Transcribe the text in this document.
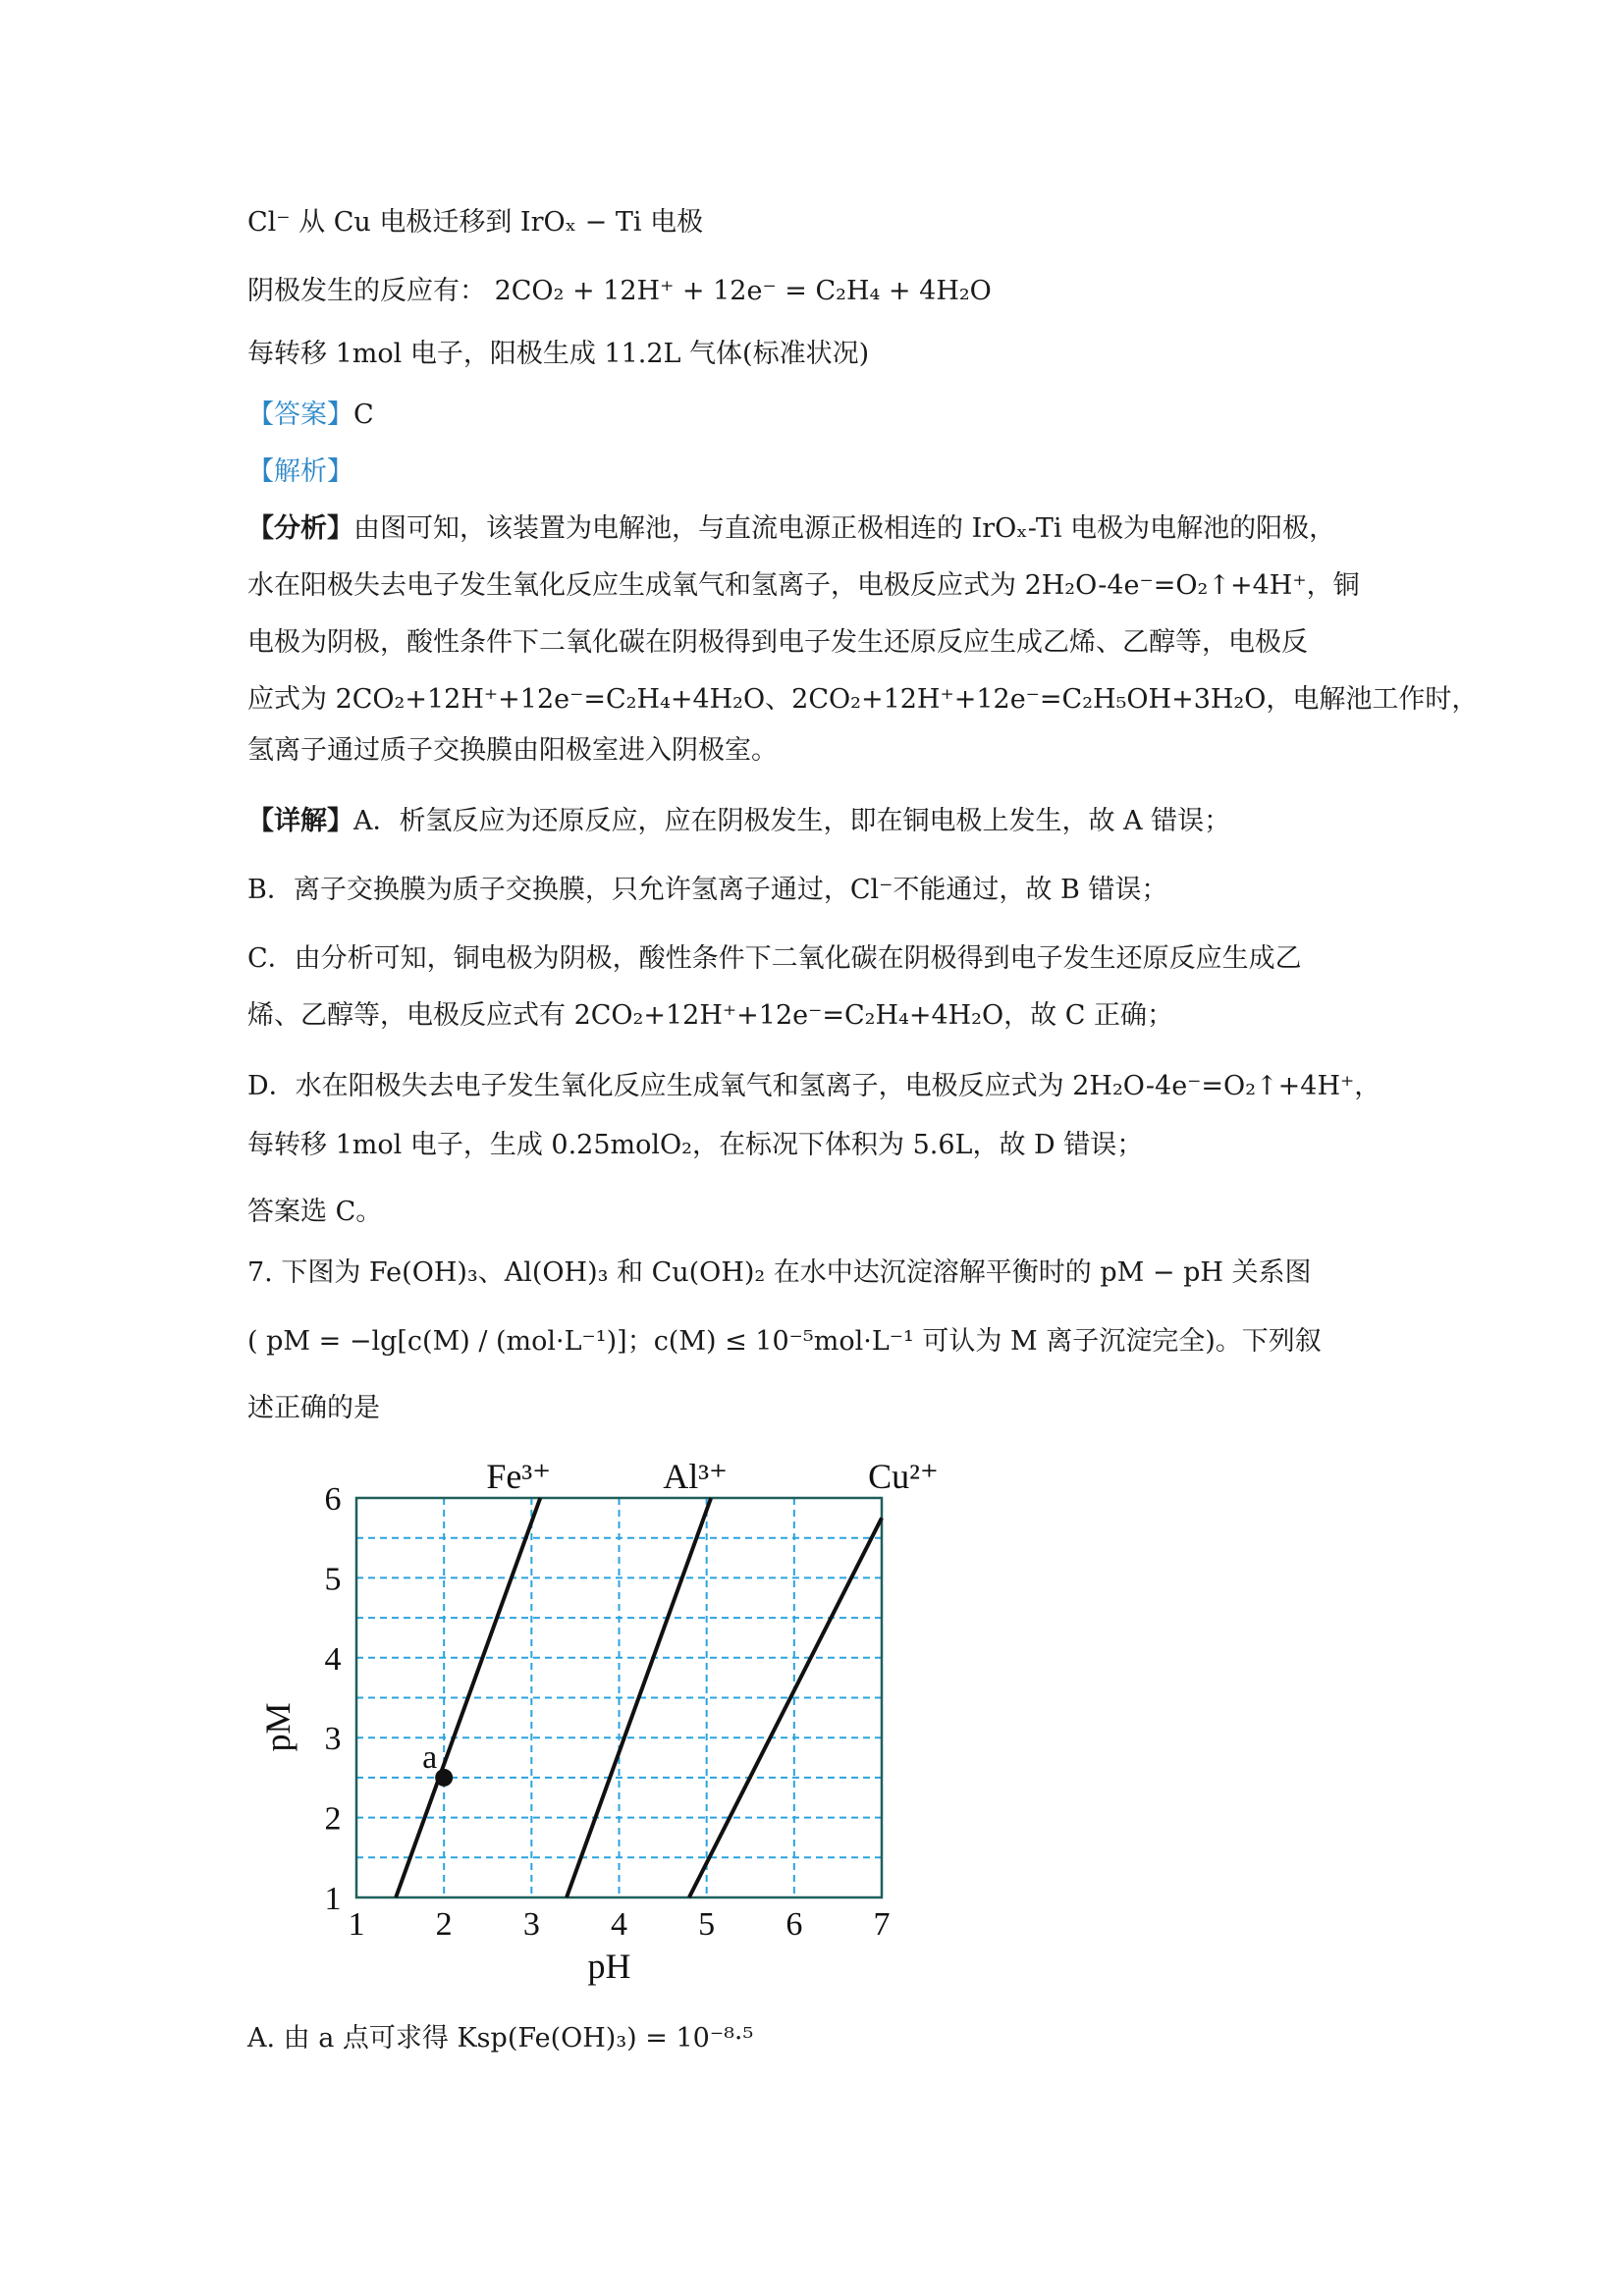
Cl⁻ 从 Cu 电极迁移到 IrOₓ − Ti 电极
阴极发生的反应有： 2CO₂ + 12H⁺ + 12e⁻ = C₂H₄ + 4H₂O
每转移 1mol 电子，阳极生成 11.2L 气体(标准状况)
【答案】C
【解析】
【分析】由图可知，该装置为电解池，与直流电源正极相连的 IrOₓ-Ti 电极为电解池的阳极，
水在阳极失去电子发生氧化反应生成氧气和氢离子，电极反应式为 2H₂O-4e⁻=O₂↑+4H⁺，铜
电极为阴极，酸性条件下二氧化碳在阴极得到电子发生还原反应生成乙烯、乙醇等，电极反
应式为 2CO₂+12H⁺+12e⁻=C₂H₄+4H₂O、2CO₂+12H⁺+12e⁻=C₂H₅OH+3H₂O，电解池工作时，
氢离子通过质子交换膜由阳极室进入阴极室。
【详解】A．析氢反应为还原反应，应在阴极发生，即在铜电极上发生，故 A 错误；
B．离子交换膜为质子交换膜，只允许氢离子通过，Cl⁻不能通过，故 B 错误；
C．由分析可知，铜电极为阴极，酸性条件下二氧化碳在阴极得到电子发生还原反应生成乙
烯、乙醇等，电极反应式有 2CO₂+12H⁺+12e⁻=C₂H₄+4H₂O，故 C 正确；
D．水在阳极失去电子发生氧化反应生成氧气和氢离子，电极反应式为 2H₂O-4e⁻=O₂↑+4H⁺，
每转移 1mol 电子，生成 0.25molO₂，在标况下体积为 5.6L，故 D 错误；
答案选 C。
7. 下图为 Fe(OH)₃、Al(OH)₃ 和 Cu(OH)₂ 在水中达沉淀溶解平衡时的 pM − pH 关系图
( pM = −lg[c(M) / (mol·L⁻¹)]；c(M) ≤ 10⁻⁵mol·L⁻¹ 可认为 M 离子沉淀完全)。下列叙
述正确的是
1 2 3 4 5 6 7
1
2
3
4
5
6
pH
pM
Fe³⁺	Al³⁺	Cu²⁺
a
A. 由 a 点可求得 Ksp(Fe(OH)₃) = 10⁻⁸·⁵
